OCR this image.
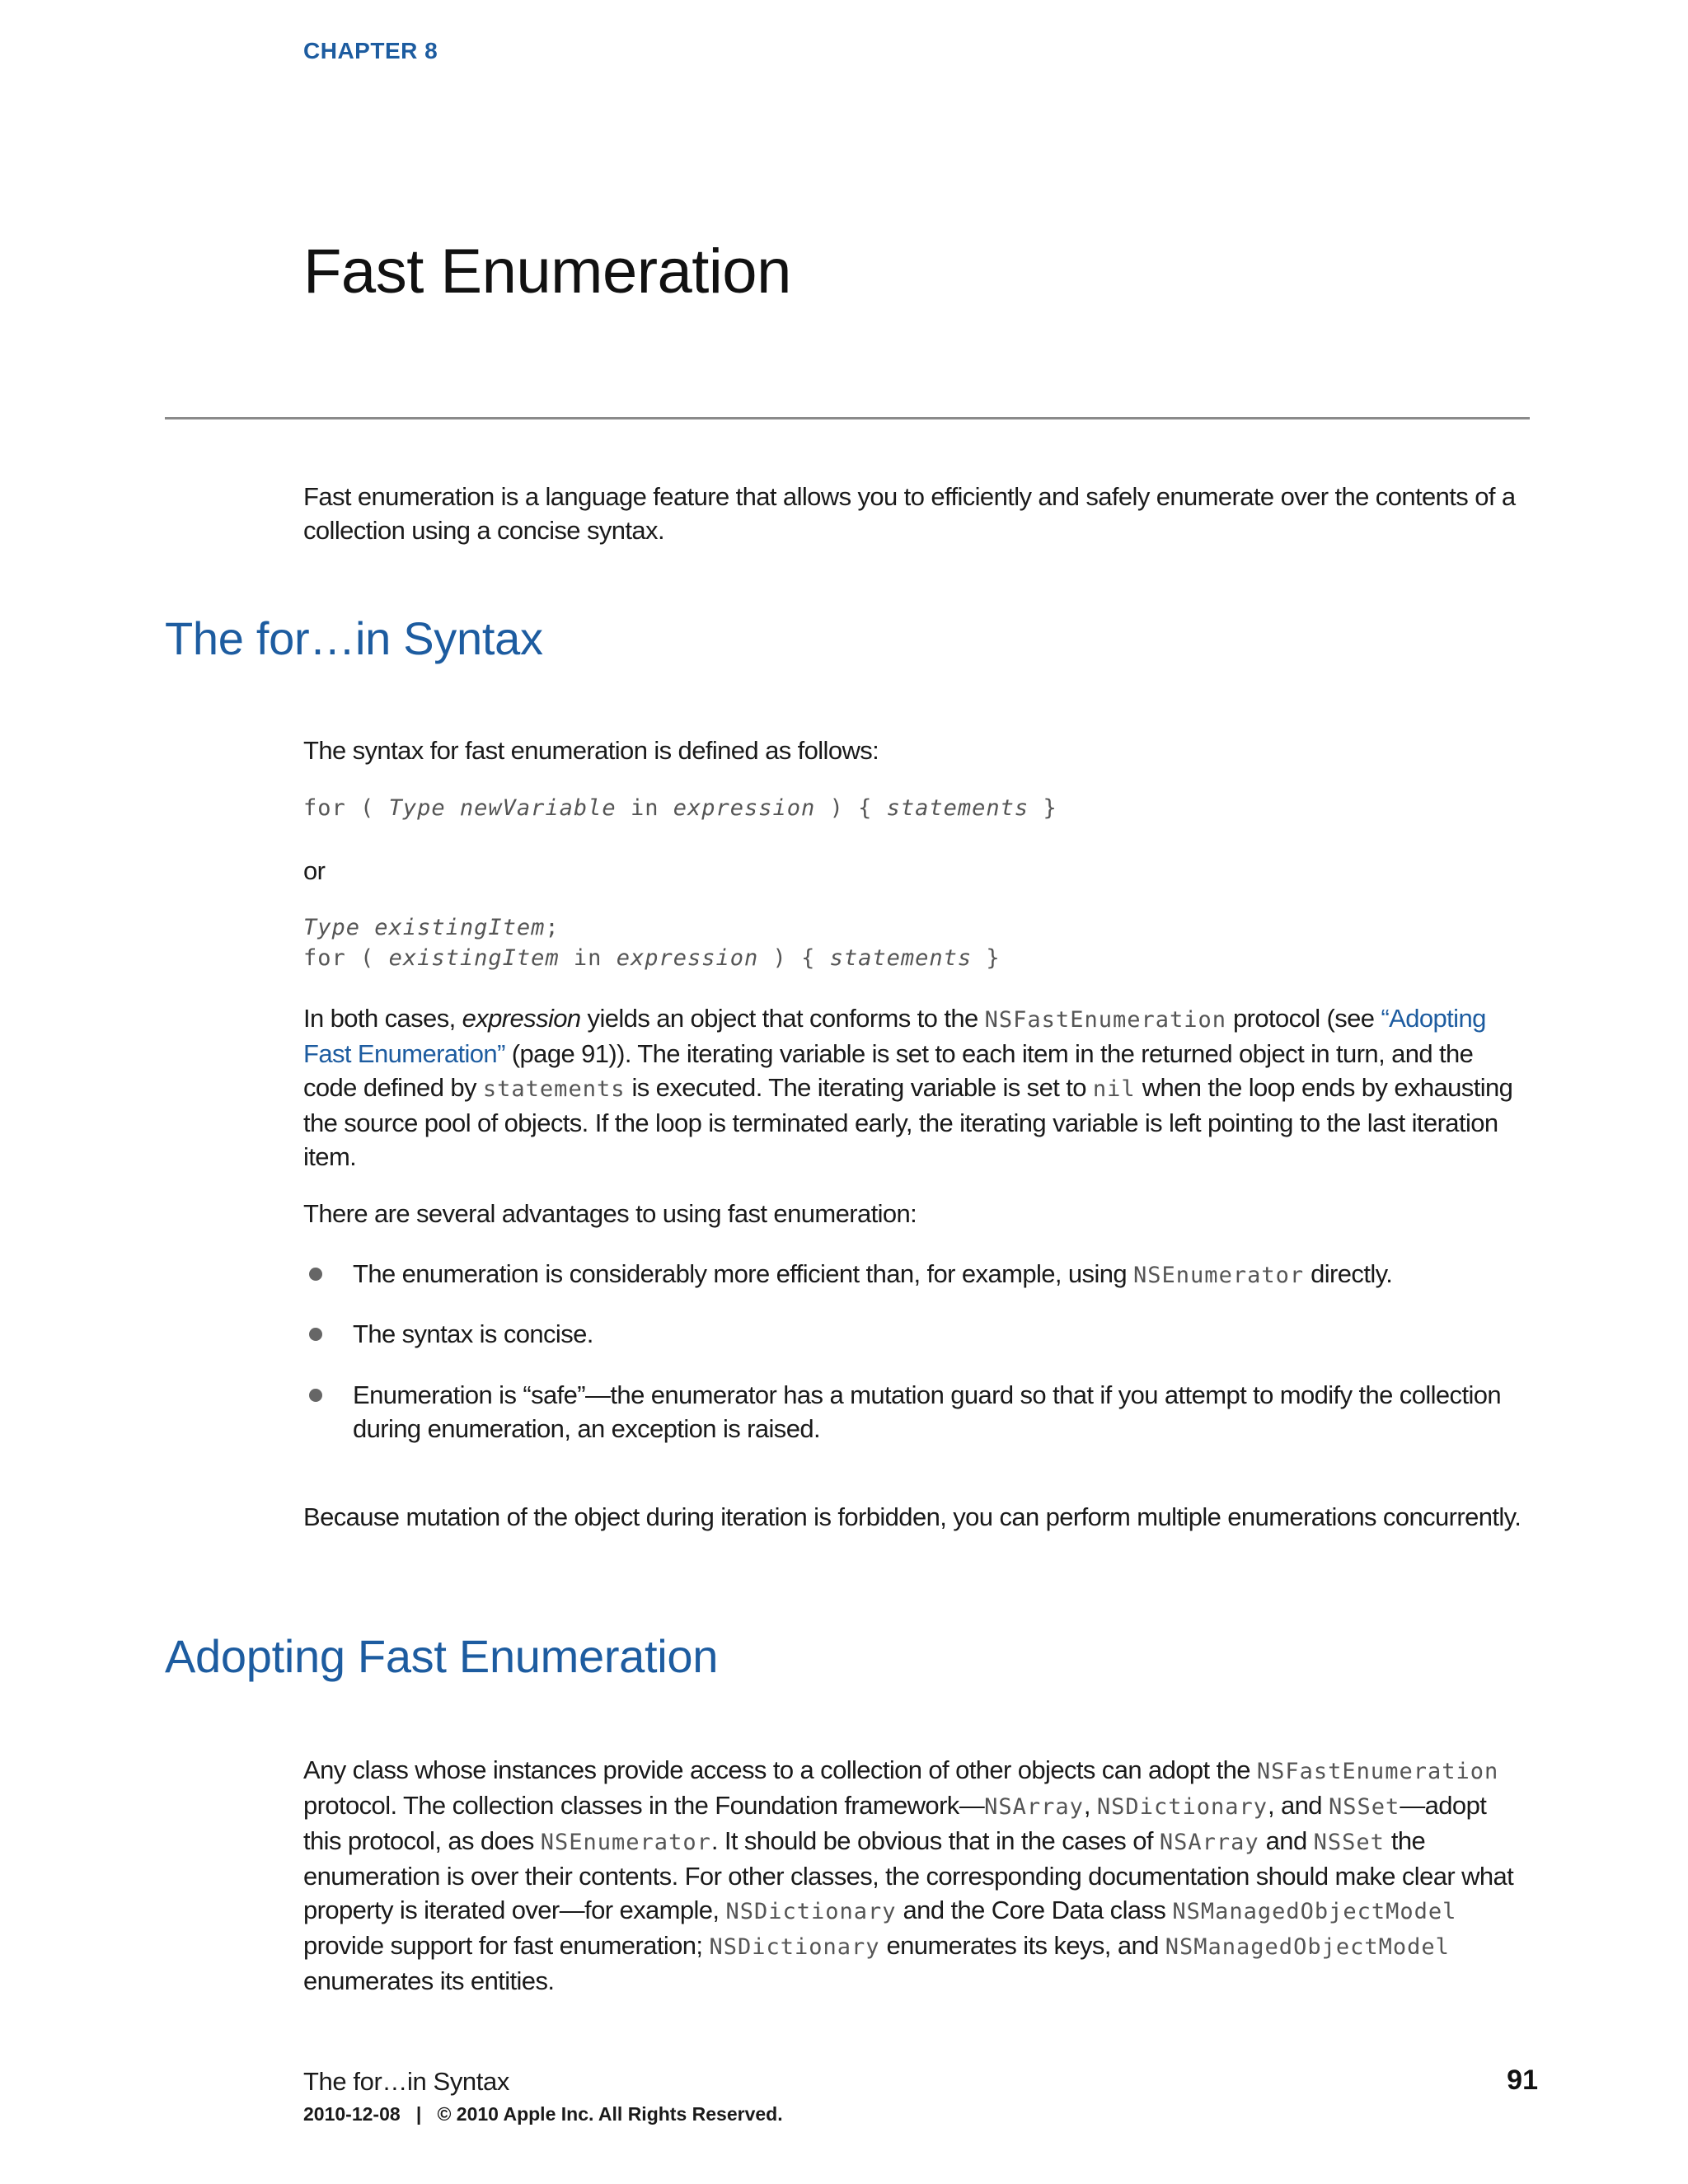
CHAPTER 8
Fast Enumeration
Fast enumeration is a language feature that allows you to efficiently and safely enumerate over the contents of a collection using a concise syntax.
The for…in Syntax
The syntax for fast enumeration is defined as follows:
for ( Type newVariable in expression ) { statements }
or
Type existingItem;
for ( existingItem in expression ) { statements }
In both cases, expression yields an object that conforms to the NSFastEnumeration protocol (see “Adopting Fast Enumeration” (page 91)). The iterating variable is set to each item in the returned object in turn, and the code defined by statements is executed. The iterating variable is set to nil when the loop ends by exhausting the source pool of objects. If the loop is terminated early, the iterating variable is left pointing to the last iteration item.
There are several advantages to using fast enumeration:
The enumeration is considerably more efficient than, for example, using NSEnumerator directly.
The syntax is concise.
Enumeration is “safe”—the enumerator has a mutation guard so that if you attempt to modify the collection during enumeration, an exception is raised.
Because mutation of the object during iteration is forbidden, you can perform multiple enumerations concurrently.
Adopting Fast Enumeration
Any class whose instances provide access to a collection of other objects can adopt the NSFastEnumeration protocol. The collection classes in the Foundation framework—NSArray, NSDictionary, and NSSet—adopt this protocol, as does NSEnumerator. It should be obvious that in the cases of NSArray and NSSet the enumeration is over their contents. For other classes, the corresponding documentation should make clear what property is iterated over—for example, NSDictionary and the Core Data class NSManagedObjectModel provide support for fast enumeration; NSDictionary enumerates its keys, and NSManagedObjectModel enumerates its entities.
The for…in Syntax	91
2010-12-08 | © 2010 Apple Inc. All Rights Reserved.
